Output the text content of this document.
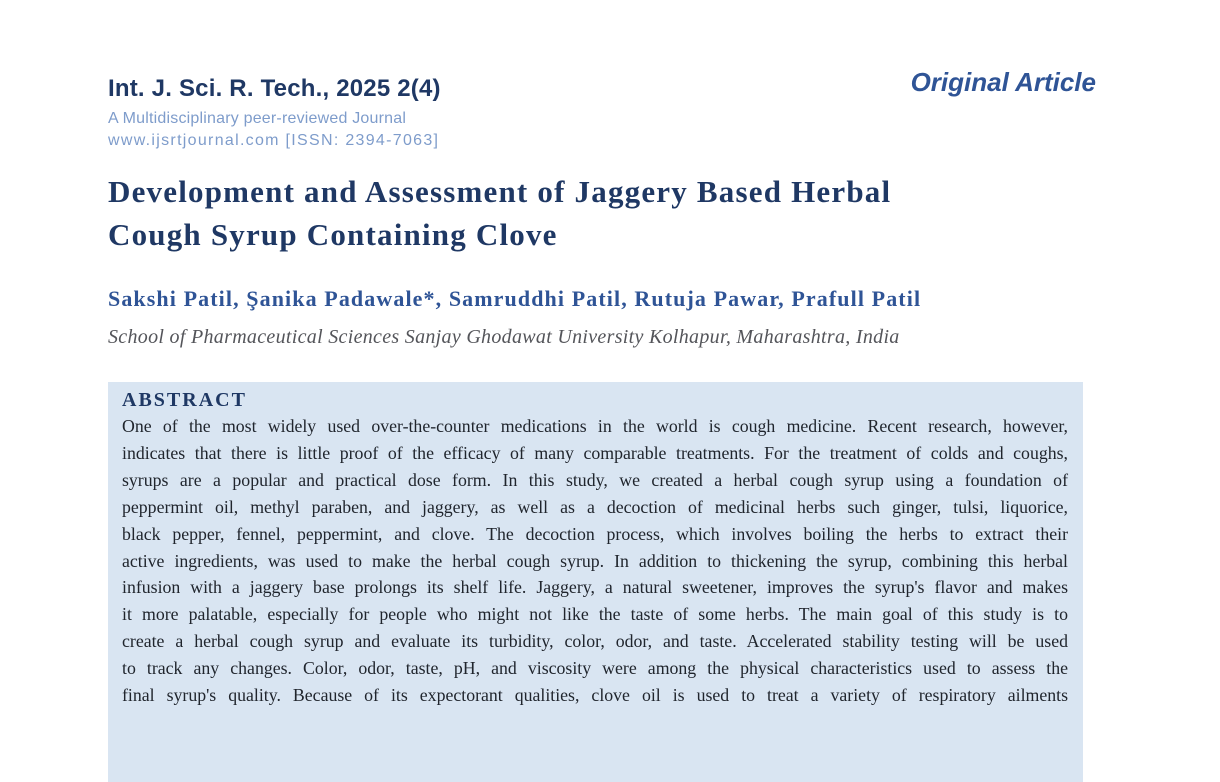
Int. J. Sci. R. Tech., 2025 2(4)
A Multidisciplinary peer-reviewed Journal
www.ijsrtjournal.com [ISSN: 2394-7063]
Original Article
Development and Assessment of Jaggery Based Herbal
Cough Syrup Containing Clove
Sakshi Patil, Şanika Padawale*, Samruddhi Patil, Rutuja Pawar, Prafull Patil
School of Pharmaceutical Sciences Sanjay Ghodawat University Kolhapur, Maharashtra, India
ABSTRACT
One of the most widely used over-the-counter medications in the world is cough medicine. Recent research, however,
indicates that there is little proof of the efficacy of many comparable treatments. For the treatment of colds and coughs,
syrups are a popular and practical dose form. In this study, we created a herbal cough syrup using a foundation of
peppermint oil, methyl paraben, and jaggery, as well as a decoction of medicinal herbs such ginger, tulsi, liquorice,
black pepper, fennel, peppermint, and clove. The decoction process, which involves boiling the herbs to extract their
active ingredients, was used to make the herbal cough syrup. In addition to thickening the syrup, combining this herbal
infusion with a jaggery base prolongs its shelf life. Jaggery, a natural sweetener, improves the syrup's flavor and makes
it more palatable, especially for people who might not like the taste of some herbs. The main goal of this study is to
create a herbal cough syrup and evaluate its turbidity, color, odor, and taste. Accelerated stability testing will be used
to track any changes. Color, odor, taste, pH, and viscosity were among the physical characteristics used to assess the
final syrup's quality. Because of its expectorant qualities, clove oil is used to treat a variety of respiratory ailments
